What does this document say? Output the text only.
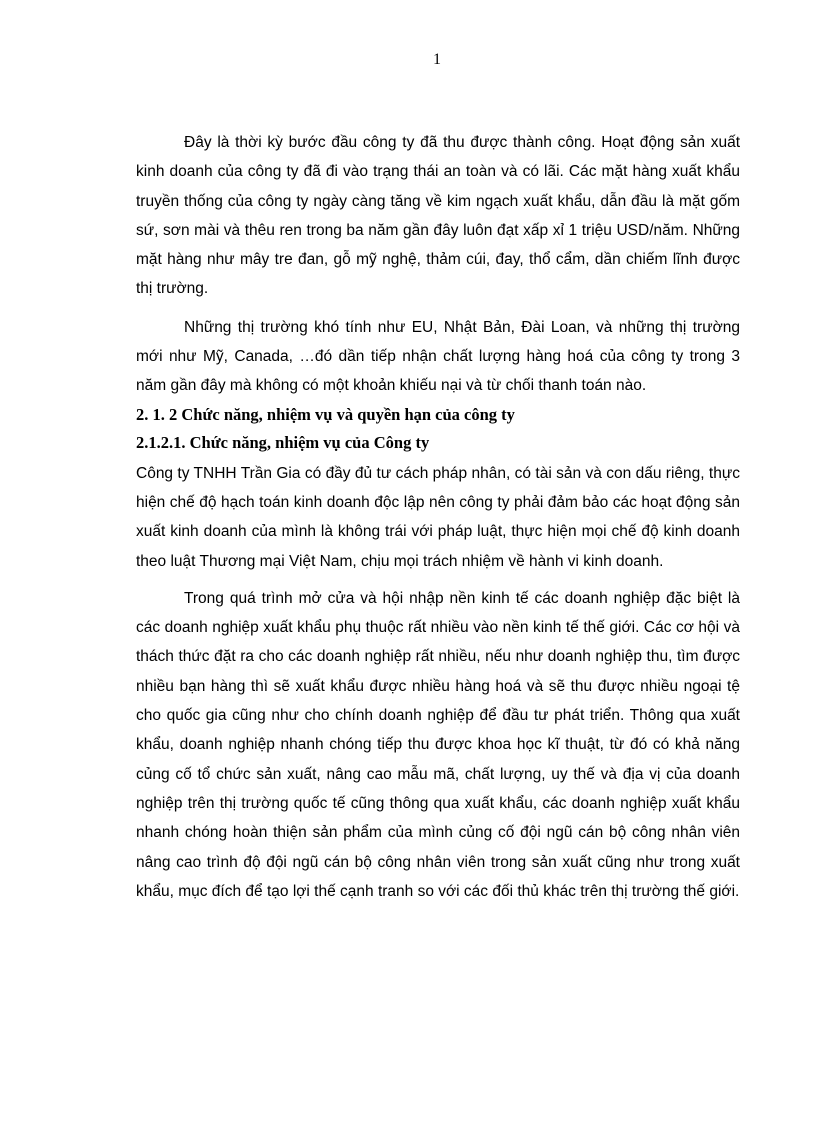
1

Đây là thời kỳ bước đầu công ty đã thu được thành công. Hoạt động sản xuất kinh doanh của công ty đã đi vào trạng thái an toàn và có lãi. Các mặt hàng xuất khẩu truyền thống của công ty ngày càng tăng về kim ngạch xuất khẩu, dẫn đầu là mặt gốm sứ, sơn mài và thêu ren trong ba năm gần đây luôn đạt xấp xỉ 1 triệu USD/năm. Những mặt hàng như mây tre đan, gỗ mỹ nghệ, thảm cúi, đay, thổ cẩm, dần chiếm lĩnh được thị trường.

Những thị trường khó tính như EU, Nhật Bản, Đài Loan, và những thị trường mới như Mỹ, Canada, …đó dần tiếp nhận chất lượng hàng hoá của công ty trong 3 năm gần đây mà không có một khoản khiếu nại và từ chối thanh toán nào.

2. 1. 2 Chức năng, nhiệm vụ và quyền hạn của công ty
2.1.2.1. Chức năng, nhiệm vụ của Công ty

Công ty TNHH Trần Gia có đầy đủ tư cách pháp nhân, có tài sản và con dấu riêng, thực hiện chế độ hạch toán kinh doanh độc lập nên công ty phải đảm bảo các hoạt động sản xuất kinh doanh của mình là không trái với pháp luật, thực hiện mọi chế độ kinh doanh theo luật Thương mại Việt Nam, chịu mọi trách nhiệm về hành vi kinh doanh.

Trong quá trình mở cửa và hội nhập nền kinh tế các doanh nghiệp đặc biệt là các doanh nghiệp xuất khẩu phụ thuộc rất nhiều vào nền kinh tế thế giới. Các cơ hội và thách thức đặt ra cho các doanh nghiệp rất nhiều, nếu như doanh nghiệp thu, tìm được nhiều bạn hàng thì sẽ xuất khẩu được nhiều hàng hoá và sẽ thu được nhiều ngoại tệ cho quốc gia cũng như cho chính doanh nghiệp để đầu tư phát triển. Thông qua xuất khẩu, doanh nghiệp nhanh chóng tiếp thu được khoa học kĩ thuật, từ đó có khả năng củng cố tổ chức sản xuất, nâng cao mẫu mã, chất lượng, uy thế và địa vị của doanh nghiệp trên thị trường quốc tế cũng thông qua xuất khẩu, các doanh nghiệp xuất khẩu nhanh chóng hoàn thiện sản phẩm của mình củng cố đội ngũ cán bộ công nhân viên nâng cao trình độ đội ngũ cán bộ công nhân viên trong sản xuất cũng như trong xuất khẩu, mục đích để tạo lợi thế cạnh tranh so với các đối thủ khác trên thị trường thế giới.
